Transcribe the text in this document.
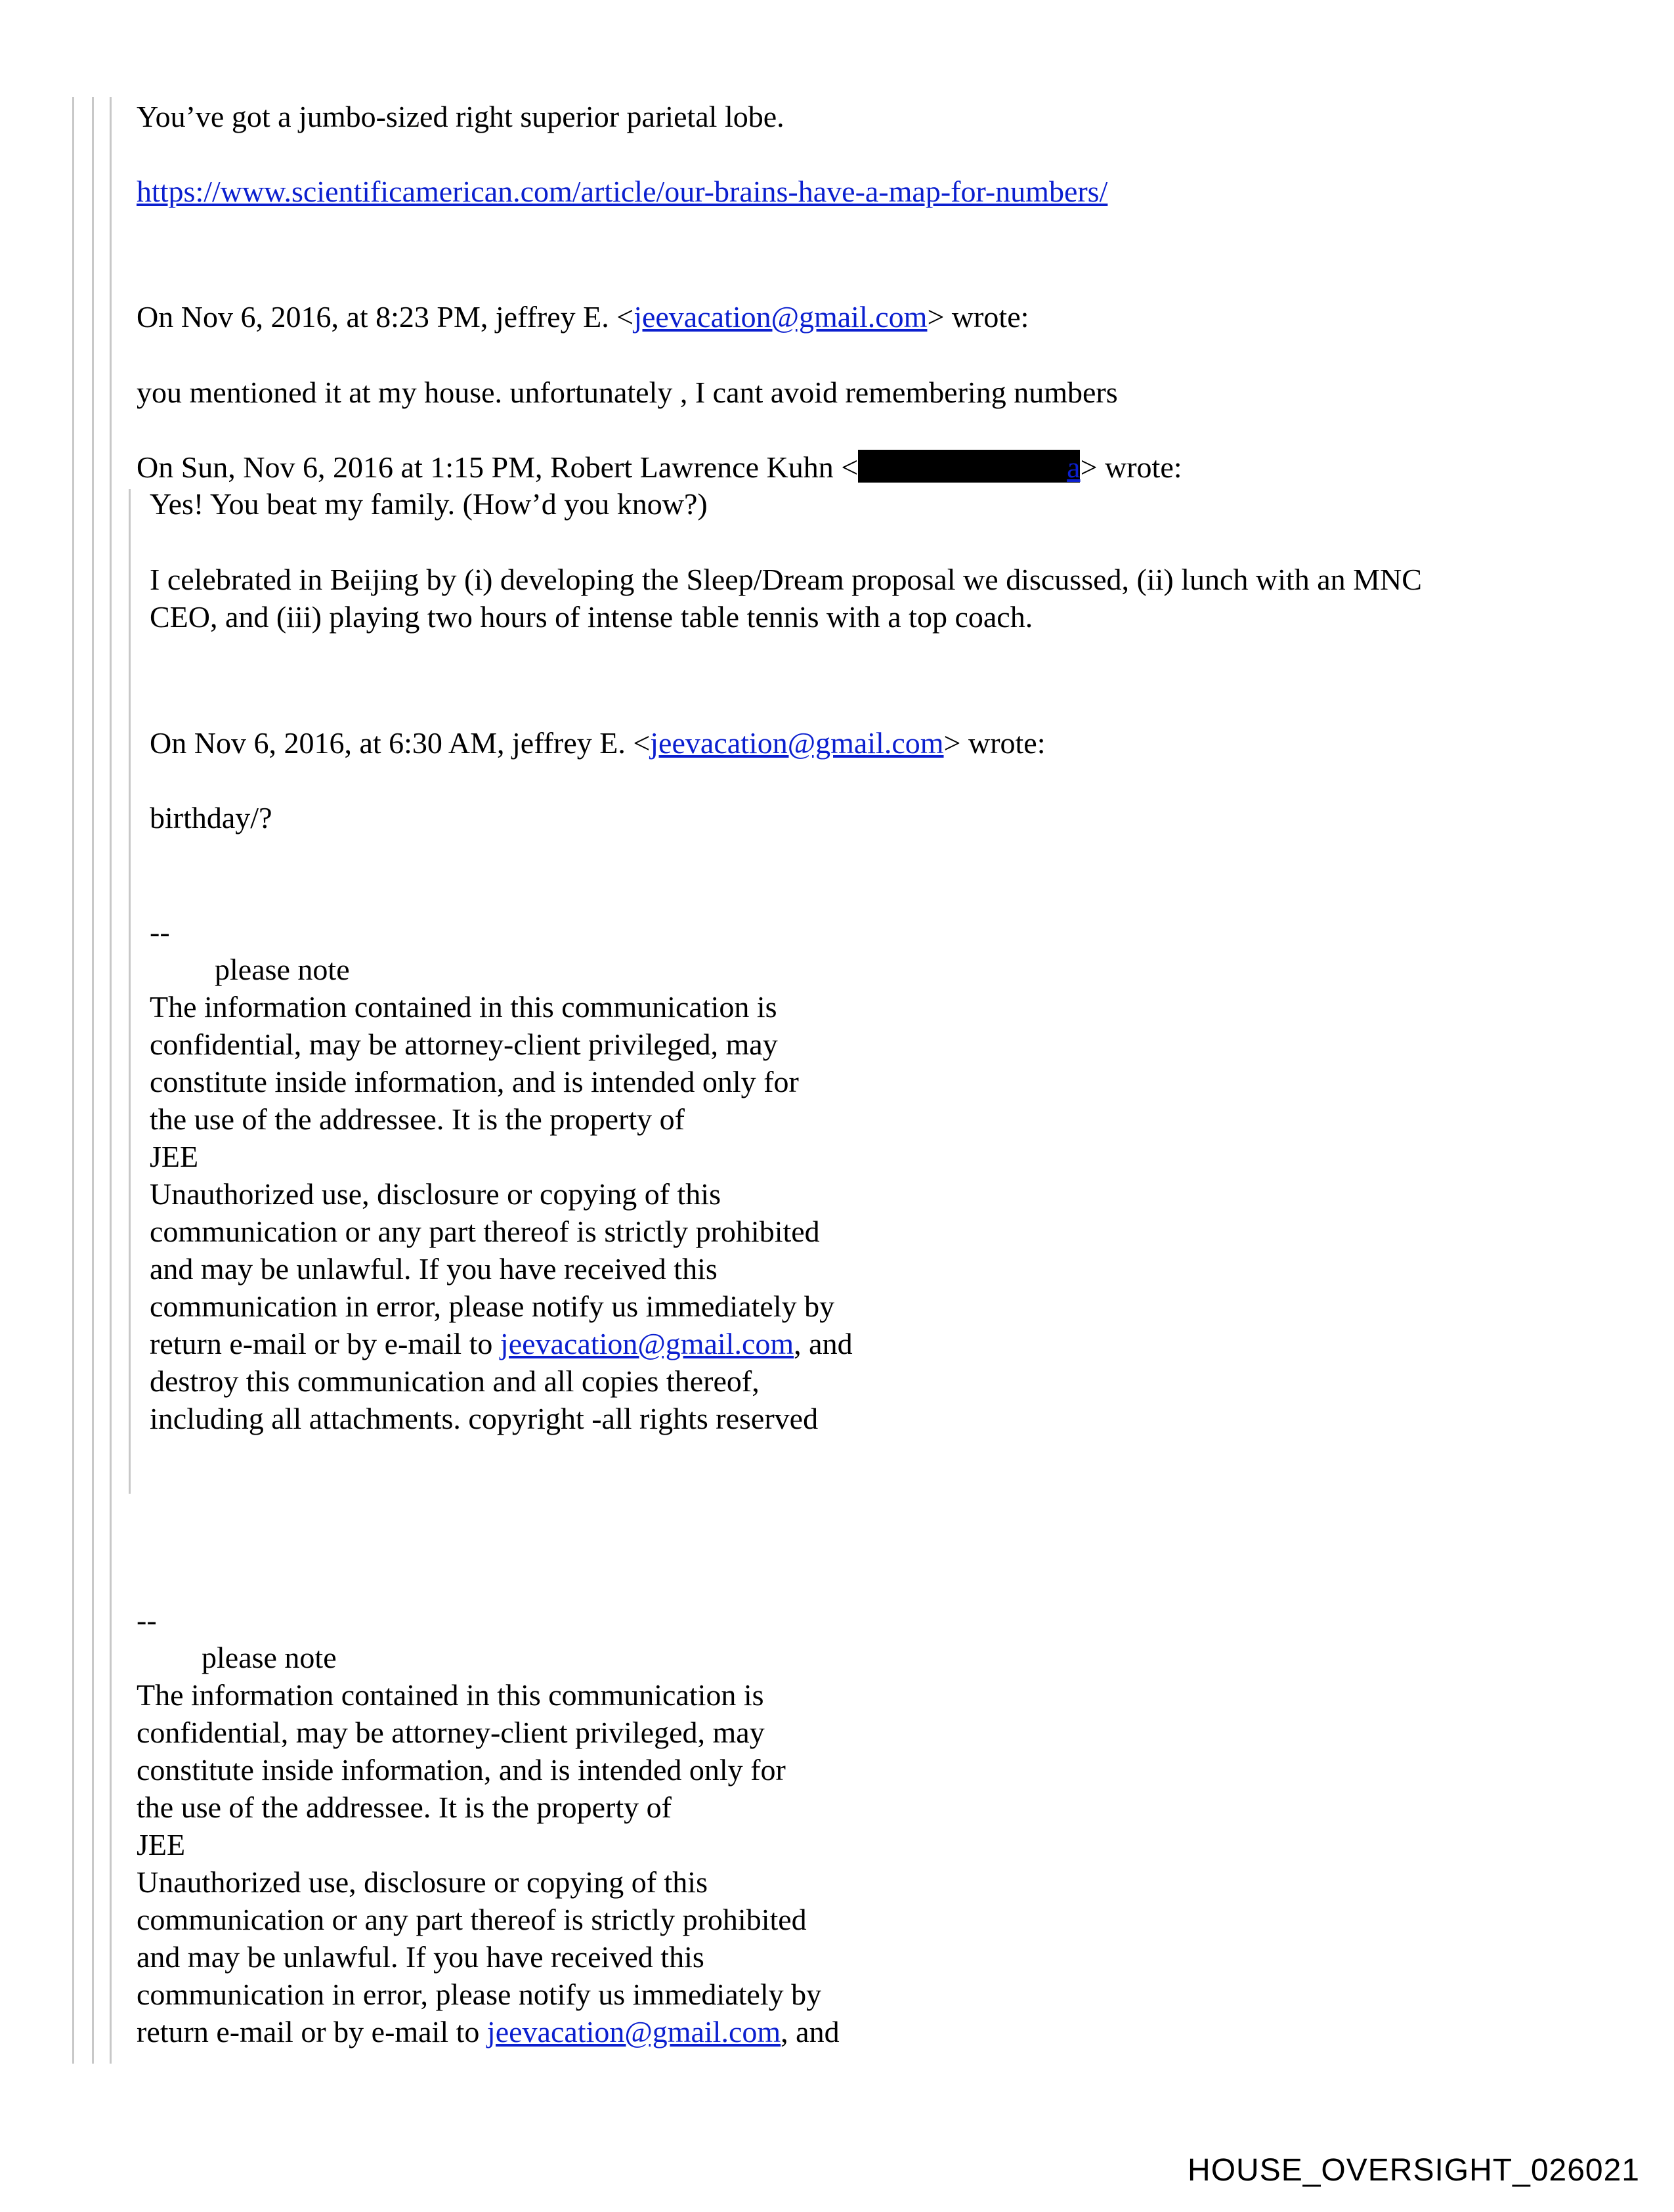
You’ve got a jumbo-sized right superior parietal lobe.
https://www.scientificamerican.com/article/our-brains-have-a-map-for-numbers/
On Nov 6, 2016, at 8:23 PM, jeffrey E. <jeevacation@gmail.com> wrote:
you mentioned it at my house. unfortunately , I cant avoid remembering numbers
On Sun, Nov 6, 2016 at 1:15 PM, Robert Lawrence Kuhn <	a> wrote:
Yes! You beat my family. (How’d you know?)
I celebrated in Beijing by (i) developing the Sleep/Dream proposal we discussed, (ii) lunch with an MNC
CEO, and (iii) playing two hours of intense table tennis with a top coach.
On Nov 6, 2016, at 6:30 AM, jeffrey E. <jeevacation@gmail.com> wrote:
birthday/?
--
please note
The information contained in this communication is
confidential, may be attorney-client privileged, may
constitute inside information, and is intended only for
the use of the addressee. It is the property of
JEE
Unauthorized use, disclosure or copying of this
communication or any part thereof is strictly prohibited
and may be unlawful. If you have received this
communication in error, please notify us immediately by
return e-mail or by e-mail to jeevacation@gmail.com, and
destroy this communication and all copies thereof,
including all attachments. copyright -all rights reserved
--
please note
The information contained in this communication is
confidential, may be attorney-client privileged, may
constitute inside information, and is intended only for
the use of the addressee. It is the property of
JEE
Unauthorized use, disclosure or copying of this
communication or any part thereof is strictly prohibited
and may be unlawful. If you have received this
communication in error, please notify us immediately by
return e-mail or by e-mail to jeevacation@gmail.com, and
HOUSE_OVERSIGHT_026021
